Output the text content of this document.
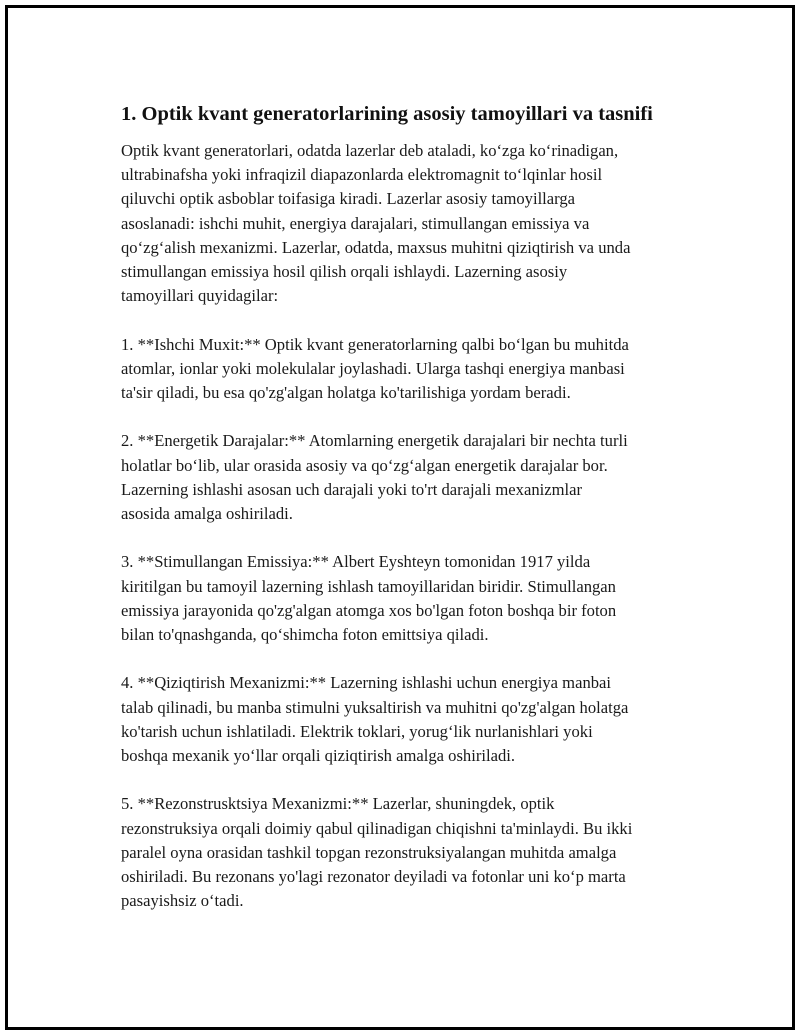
1. Optik kvant generatorlarining asosiy tamoyillari va tasnifi

Optik kvant generatorlari, odatda lazerlar deb ataladi, ko‘zga ko‘rinadigan,
ultrabinafsha yoki infraqizil diapazonlarda elektromagnit to‘lqinlar hosil
qiluvchi optik asboblar toifasiga kiradi. Lazerlar asosiy tamoyillarga
asoslanadi: ishchi muhit, energiya darajalari, stimullangan emissiya va
qo‘zg‘alish mexanizmi. Lazerlar, odatda, maxsus muhitni qiziqtirish va unda
stimullangan emissiya hosil qilish orqali ishlaydi. Lazerning asosiy
tamoyillari quyidagilar:

1. **Ishchi Muxit:** Optik kvant generatorlarning qalbi bo‘lgan bu muhitda
atomlar, ionlar yoki molekulalar joylashadi. Ularga tashqi energiya manbasi
ta'sir qiladi, bu esa qo'zg'algan holatga ko'tarilishiga yordam beradi.

2. **Energetik Darajalar:** Atomlarning energetik darajalari bir nechta turli
holatlar bo‘lib, ular orasida asosiy va qo‘zg‘algan energetik darajalar bor.
Lazerning ishlashi asosan uch darajali yoki to'rt darajali mexanizmlar
asosida amalga oshiriladi.

3. **Stimullangan Emissiya:** Albert Eyshteyn tomonidan 1917 yilda
kiritilgan bu tamoyil lazerning ishlash tamoyillaridan biridir. Stimullangan
emissiya jarayonida qo'zg'algan atomga xos bo'lgan foton boshqa bir foton
bilan to'qnashganda, qo‘shimcha foton emittsiya qiladi.

4. **Qiziqtirish Mexanizmi:** Lazerning ishlashi uchun energiya manbai
talab qilinadi, bu manba stimulni yuksaltirish va muhitni qo'zg'algan holatga
ko'tarish uchun ishlatiladi. Elektrik toklari, yorug‘lik nurlanishlari yoki
boshqa mexanik yo‘llar orqali qiziqtirish amalga oshiriladi.

5. **Rezonstrusktsiya Mexanizmi:** Lazerlar, shuningdek, optik
rezonstruksiya orqali doimiy qabul qilinadigan chiqishni ta'minlaydi. Bu ikki
paralel oyna orasidan tashkil topgan rezonstruksiyalangan muhitda amalga
oshiriladi. Bu rezonans yo'lagi rezonator deyiladi va fotonlar uni ko‘p marta
pasayishsiz o‘tadi.
